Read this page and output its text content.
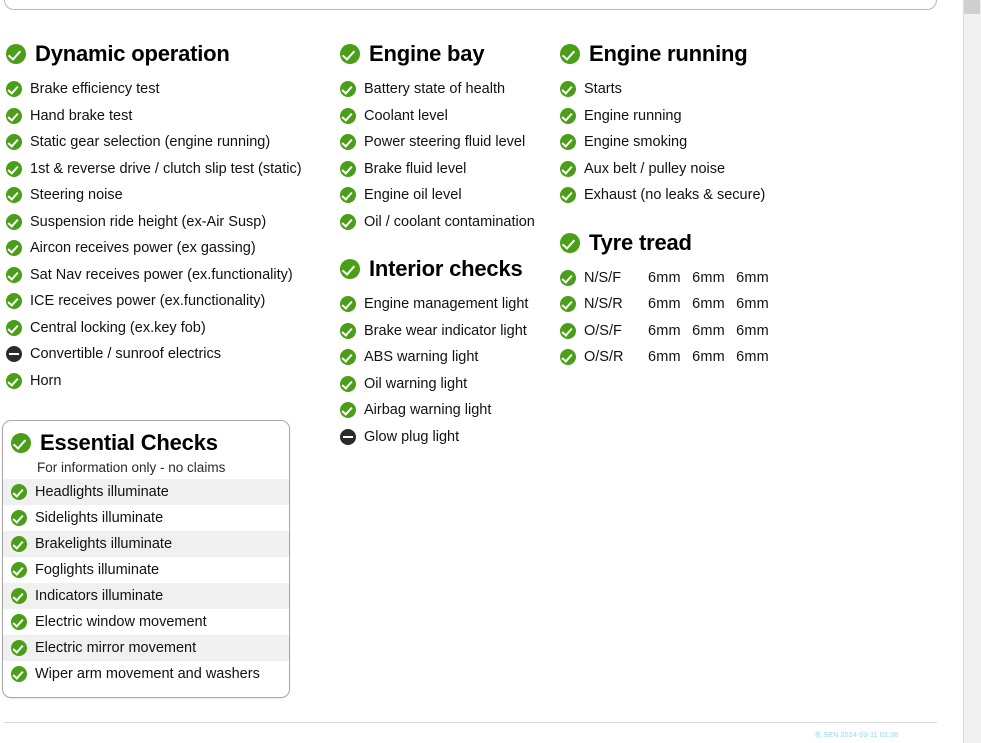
Dynamic operation
Brake efficiency test
Hand brake test
Static gear selection (engine running)
1st & reverse drive / clutch slip test (static)
Steering noise
Suspension ride height (ex-Air Susp)
Aircon receives power (ex gassing)
Sat Nav receives power (ex.functionality)
ICE receives power (ex.functionality)
Central locking (ex.key fob)
Convertible / sunroof electrics
Horn
Essential Checks
For information only - no claims
Headlights illuminate
Sidelights illuminate
Brakelights illuminate
Foglights illuminate
Indicators illuminate
Electric window movement
Electric mirror movement
Wiper arm movement and washers
Engine bay
Battery state of health
Coolant level
Power steering fluid level
Brake fluid level
Engine oil level
Oil / coolant contamination
Interior checks
Engine management light
Brake wear indicator light
ABS warning light
Oil warning light
Airbag warning light
Glow plug light
Engine running
Starts
Engine running
Engine smoking
Aux belt / pulley noise
Exhaust (no leaks & secure)
Tyre tread
N/S/F	6mm 6mm 6mm
N/S/R	6mm 6mm 6mm
O/S/F	6mm 6mm 6mm
O/S/R	6mm 6mm 6mm
我 SEN 2024-03-11 02:36
